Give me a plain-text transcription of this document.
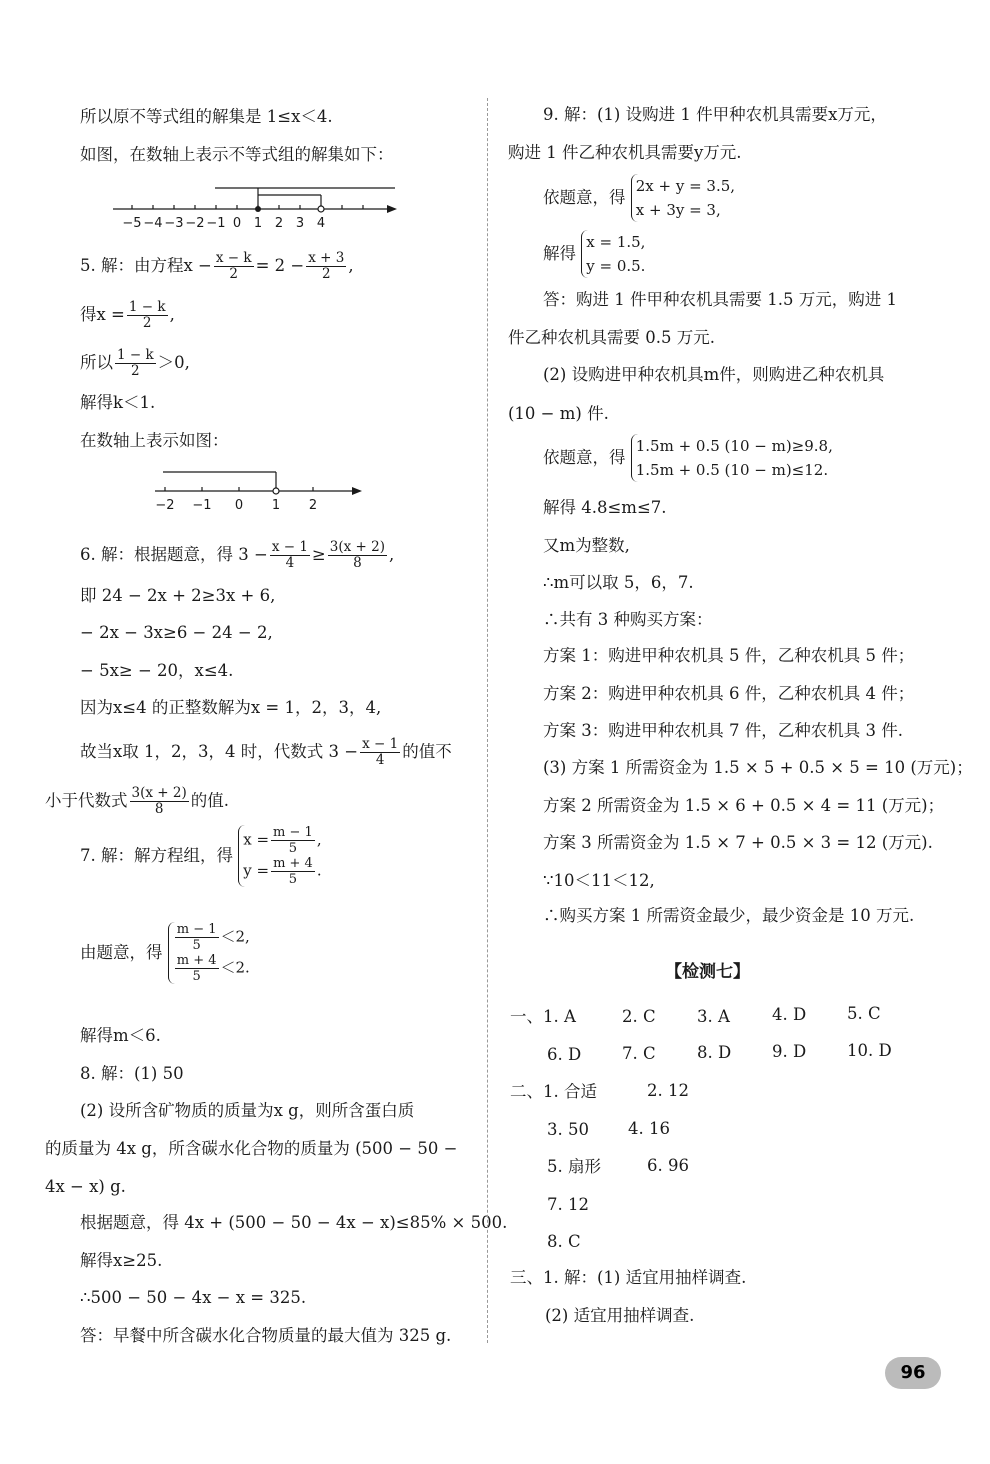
所以原不等式组的解集是 1≤x＜4.
如图，在数轴上表示不等式组的解集如下：
−5 −4 −3 −2 −1 0 1 2 3 4
5. 解：由方程$x - \frac{x - k}{2} = 2 - \frac{x + 3}{2}$ ,
得$x = \frac{1 - k}{2}$ ,
所以 $\frac{1 - k}{2} >0$,
解得k＜1.
在数轴上表示如图：
−2 −1 0 1 2
6. 解：根据题意，得 $3 - \frac{x - 1}{4} \ge \frac{3(x + 2)}{8}$ ,
即 24 − 2x + 2≥3x + 6,
− 2x − 3x≥6 − 24 − 2,
− 5x≥ − 20，x≤4.
因为x≤4 的正整数解为x = 1，2，3，4,
故当x取 1，2，3，4 时，代数式 $3 - \frac{x - 1}{4}$ 的值不
小于代数式 $\frac{3(x + 2)}{8}$ 的值.
7. 解：解方程组，得
$x = \frac{m - 1}{5}$ ,
$y = \frac{m + 4}{5}$ .
由题意，得 $\frac{m - 1}{5} <2$,
$\frac{m + 4}{5} <2$.
解得m＜6.
8. 解：(1) 50
(2) 设所含矿物质的质量为x g，则所含蛋白质
的质量为 4x g，所含碳水化合物的质量为 (500 − 50 −
4x − x) g.
根据题意，得 4x + (500 − 50 − 4x − x)≤85% × 500.
解得x≥25.
∴500 − 50 − 4x − x = 325.
答：早餐中所含碳水化合物质量的最大值为 325 g.
9. 解：(1) 设购进 1 件甲种农机具需要x万元，
购进 1 件乙种农机具需要y万元.
依题意，得
2x + y = 3.5,
x + 3y = 3,
解得
x = 1.5,
y = 0.5.
答：购进 1 件甲种农机具需要 1.5 万元，购进 1
件乙种农机具需要 0.5 万元.
(2) 设购进甲种农机具m件，则购进乙种农机具
(10 − m) 件.
依题意，得
1.5m + 0.5 (10 − m)≥9.8,
1.5m + 0.5 (10 − m)≤12.
解得 4.8≤m≤7.
又m为整数,
∴m可以取 5，6，7.
∴共有 3 种购买方案：
方案 1：购进甲种农机具 5 件，乙种农机具 5 件；
方案 2：购进甲种农机具 6 件，乙种农机具 4 件；
方案 3：购进甲种农机具 7 件，乙种农机具 3 件.
(3) 方案 1 所需资金为 1.5 × 5 + 0.5 × 5 = 10 (万元)；
方案 2 所需资金为 1.5 × 6 + 0.5 × 4 = 11 (万元)；
方案 3 所需资金为 1.5 × 7 + 0.5 × 3 = 12 (万元).
∵10＜11＜12,
∴购买方案 1 所需资金最少，最少资金是 10 万元.
【检测七】
一、1. A	2. C	3. A	4. D 5. C
6. D 7. C	8. D 9. D 10. D
二、1. 合适	2. 12
3. 50 4. 16
5. 扇形	6. 96
7. 12
8. C
三、1. 解：(1) 适宜用抽样调查.
(2) 适宜用抽样调查.
96
